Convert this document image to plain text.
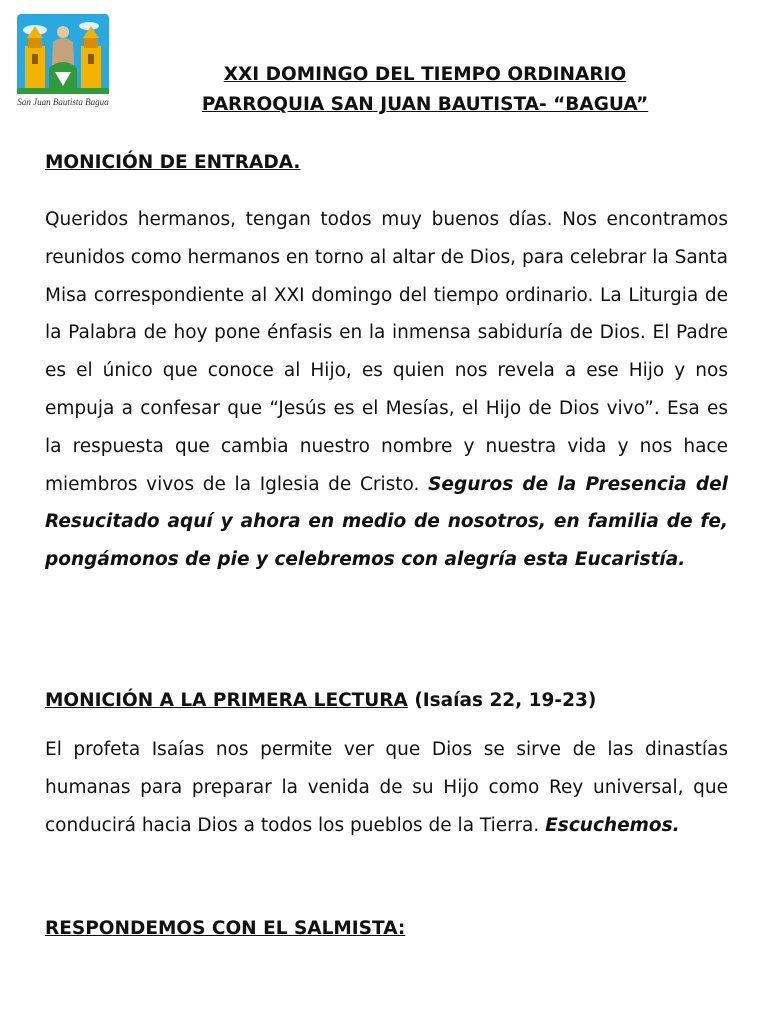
San Juan Bautista Bagua
XXI DOMINGO DEL TIEMPO ORDINARIO
PARROQUIA SAN JUAN BAUTISTA- “BAGUA”
MONICIÓN DE ENTRADA.

Queridos hermanos, tengan todos muy buenos días. Nos encontramos reunidos como hermanos en torno al altar de Dios, para celebrar la Santa Misa correspondiente al XXI domingo del tiempo ordinario. La Liturgia de la Palabra de hoy pone énfasis en la inmensa sabiduría de Dios. El Padre es el único que conoce al Hijo, es quien nos revela a ese Hijo y nos empuja a confesar que “Jesús es el Mesías, el Hijo de Dios vivo”. Esa es la respuesta que cambia nuestro nombre y nuestra vida y nos hace miembros vivos de la Iglesia de Cristo. Seguros de la Presencia del Resucitado aquí y ahora en medio de nosotros, en familia de fe, pongámonos de pie y celebremos con alegría esta Eucaristía.

MONICIÓN A LA PRIMERA LECTURA (Isaías 22, 19-23)

El profeta Isaías nos permite ver que Dios se sirve de las dinastías humanas para preparar la venida de su Hijo como Rey universal, que conducirá hacia Dios a todos los pueblos de la Tierra. Escuchemos.

RESPONDEMOS CON EL SALMISTA:
